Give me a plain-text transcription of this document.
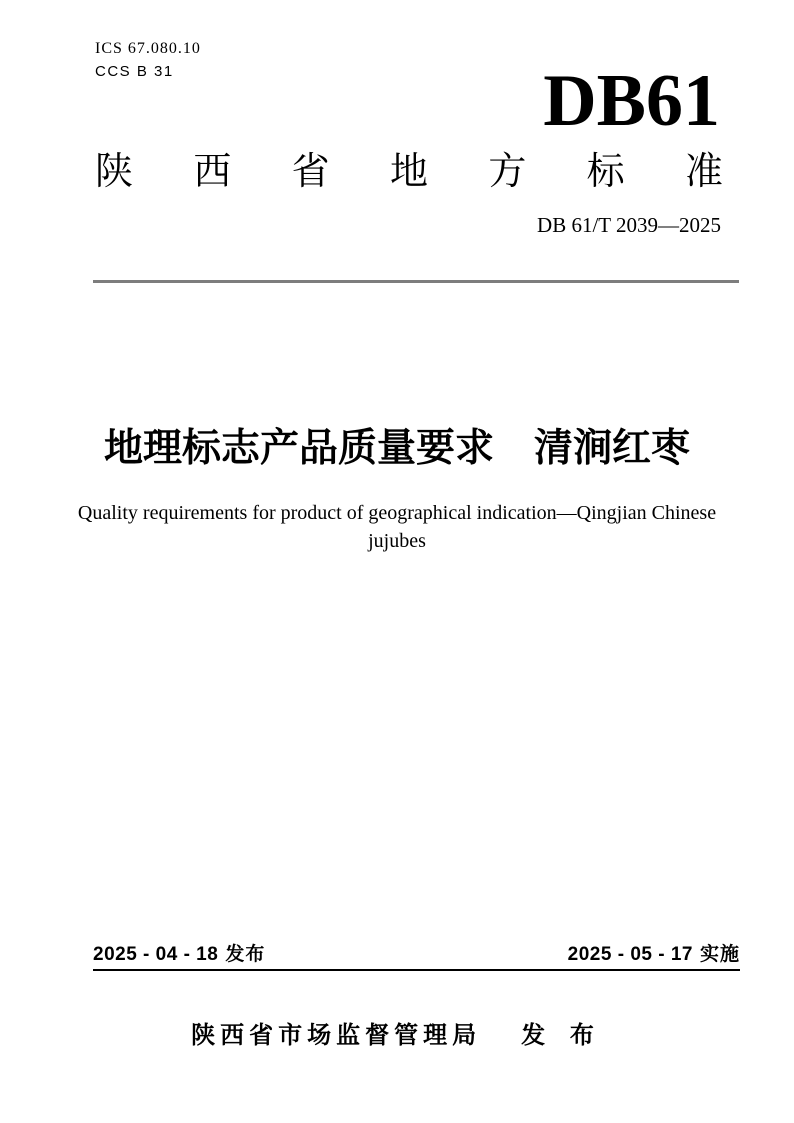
ICS 67.080.10
CCS B 31	DB61
陕 西 省 地 方 标 准
DB 61/T 2039—2025
地理标志产品质量要求 清涧红枣
Quality requirements for product of geographical indication—Qingjian Chinese
jujubes
2025 - 04 - 18 发布	2025 - 05 - 17 实施
陕西省市场监督管理局 发 布
